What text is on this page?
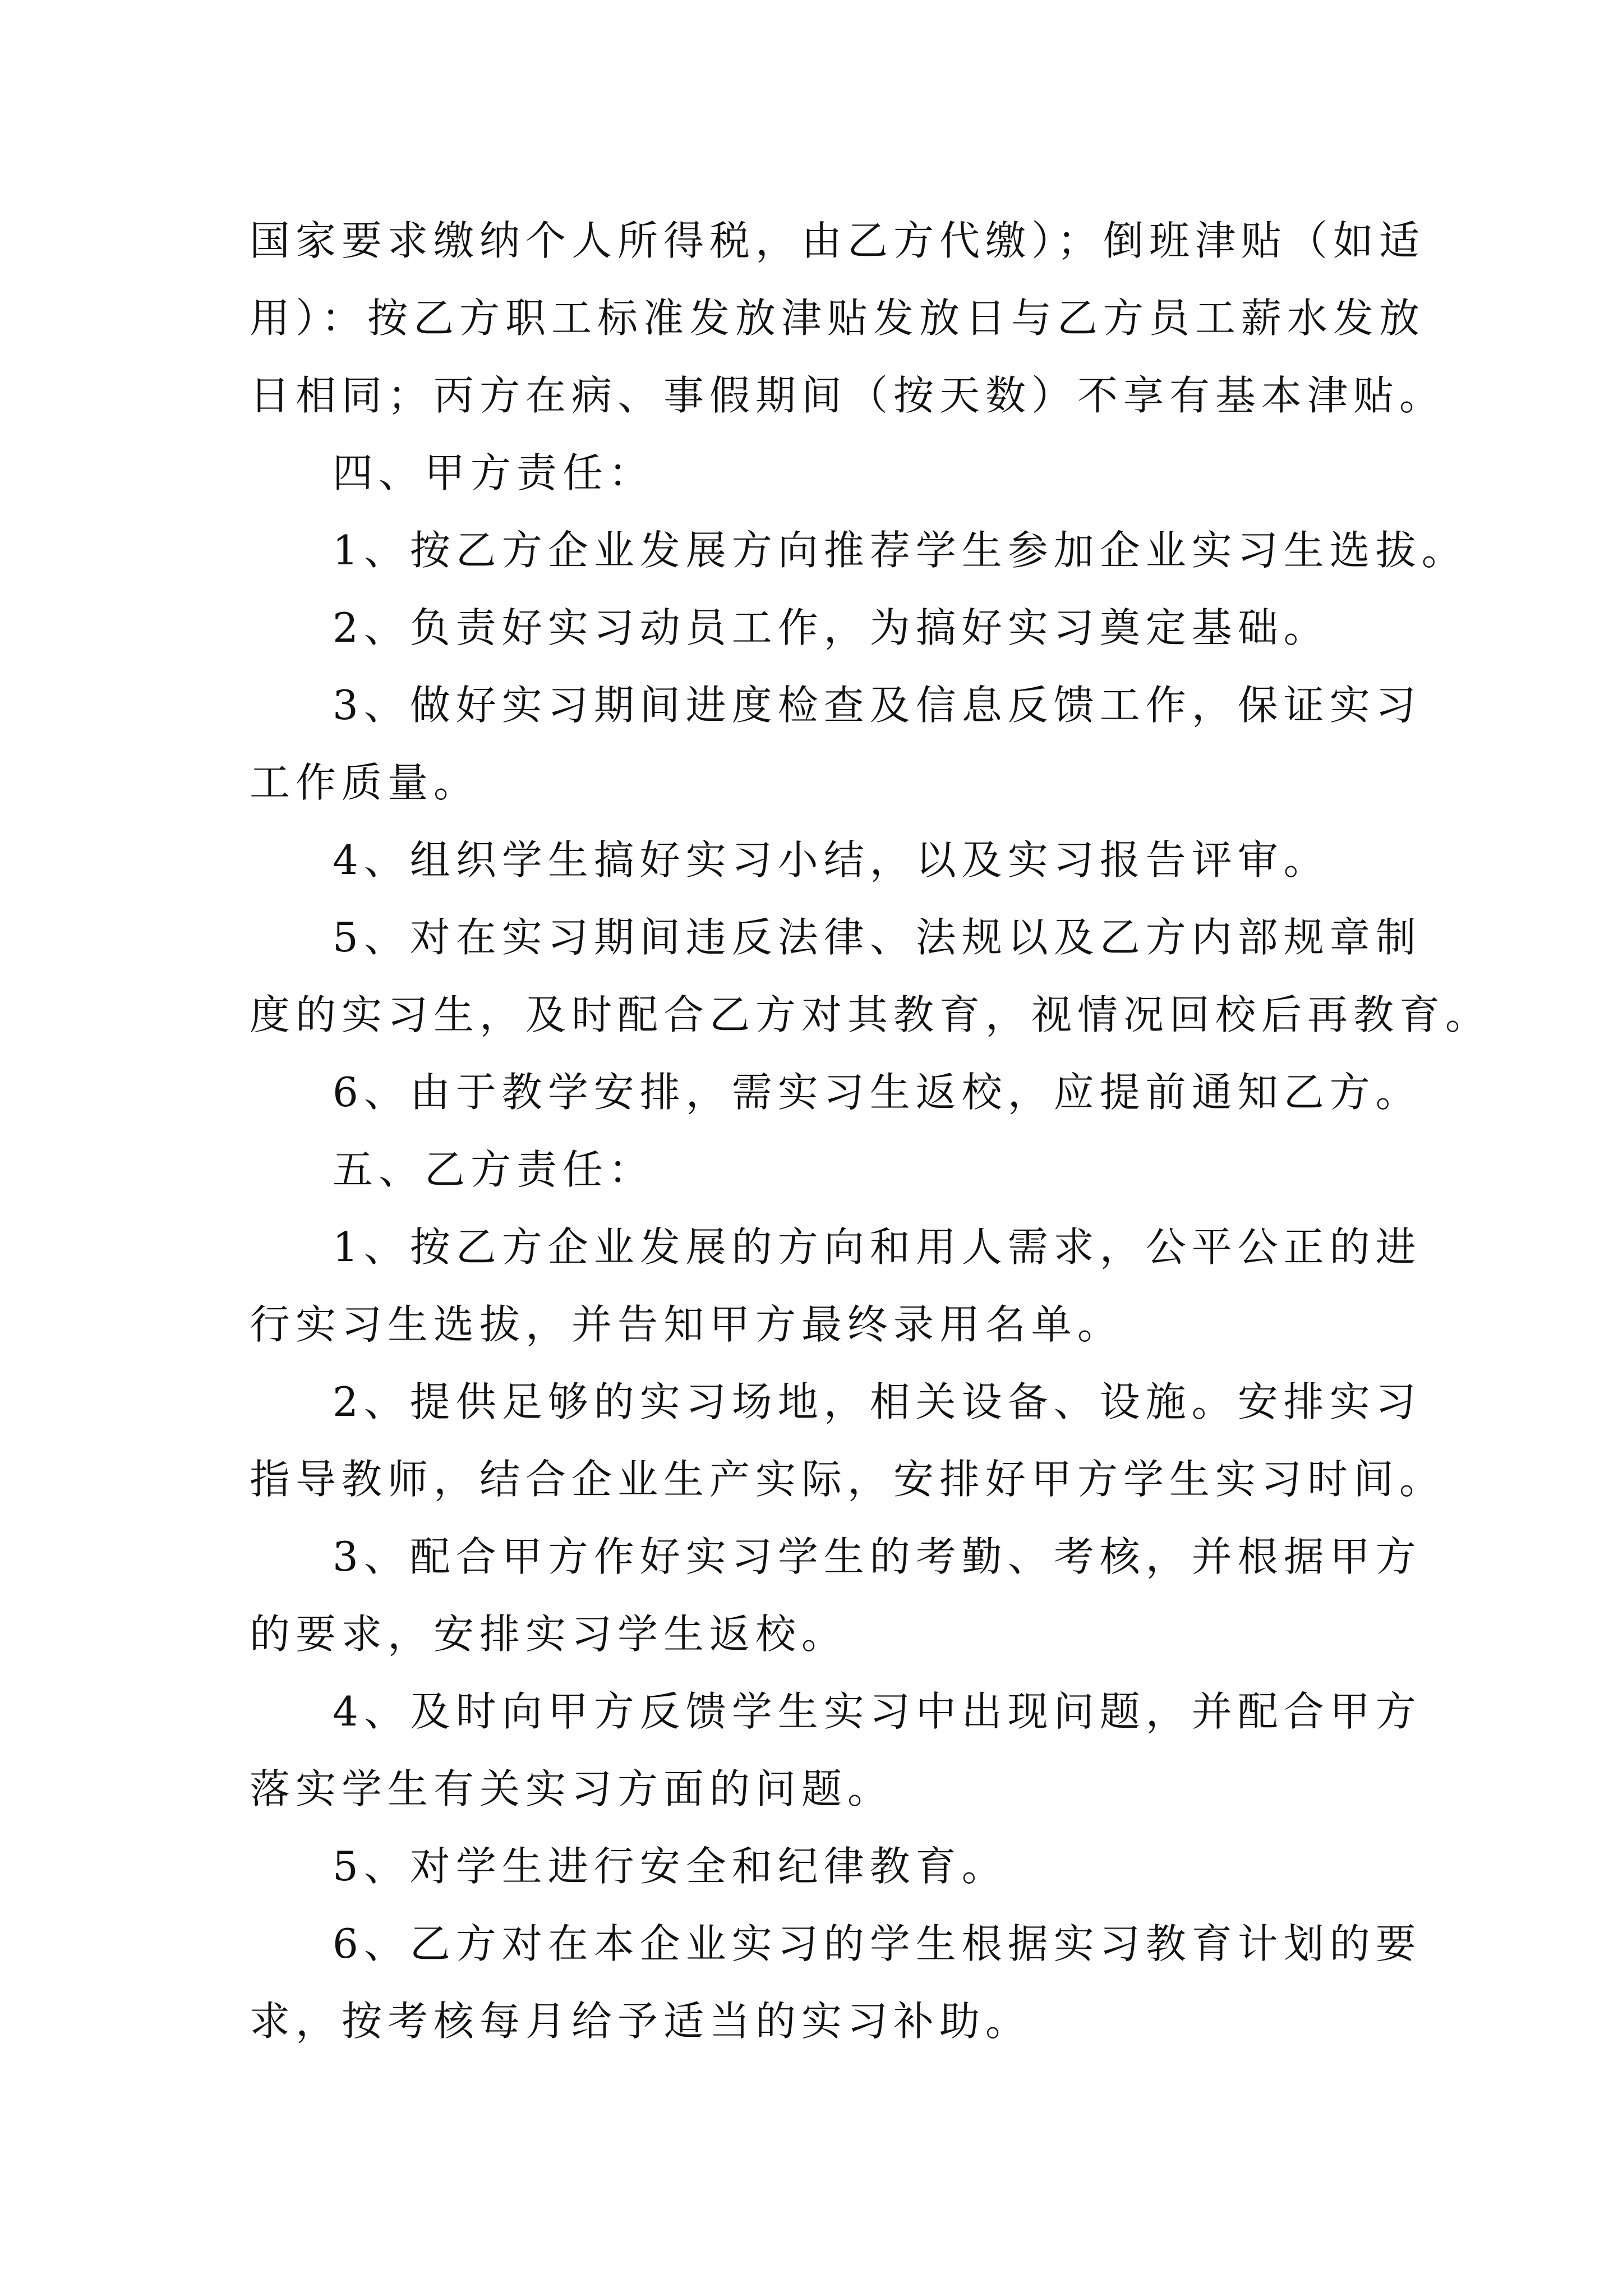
国家要求缴纳个人所得税，由乙方代缴）；倒班津贴（如适
用）：按乙方职工标准发放津贴发放日与乙方员工薪水发放
日相同；丙方在病、事假期间（按天数）不享有基本津贴。
四、甲方责任：
1、按乙方企业发展方向推荐学生参加企业实习生选拔。
2、负责好实习动员工作，为搞好实习奠定基础。
3、做好实习期间进度检查及信息反馈工作，保证实习
工作质量。
4、组织学生搞好实习小结，以及实习报告评审。
5、对在实习期间违反法律、法规以及乙方内部规章制
度的实习生，及时配合乙方对其教育，视情况回校后再教育。
6、由于教学安排，需实习生返校，应提前通知乙方。
五、乙方责任：
1、按乙方企业发展的方向和用人需求，公平公正的进
行实习生选拔，并告知甲方最终录用名单。
2、提供足够的实习场地，相关设备、设施。安排实习
指导教师，结合企业生产实际，安排好甲方学生实习时间。
3、配合甲方作好实习学生的考勤、考核，并根据甲方
的要求，安排实习学生返校。
4、及时向甲方反馈学生实习中出现问题，并配合甲方
落实学生有关实习方面的问题。
5、对学生进行安全和纪律教育。
6、乙方对在本企业实习的学生根据实习教育计划的要
求，按考核每月给予适当的实习补助。
